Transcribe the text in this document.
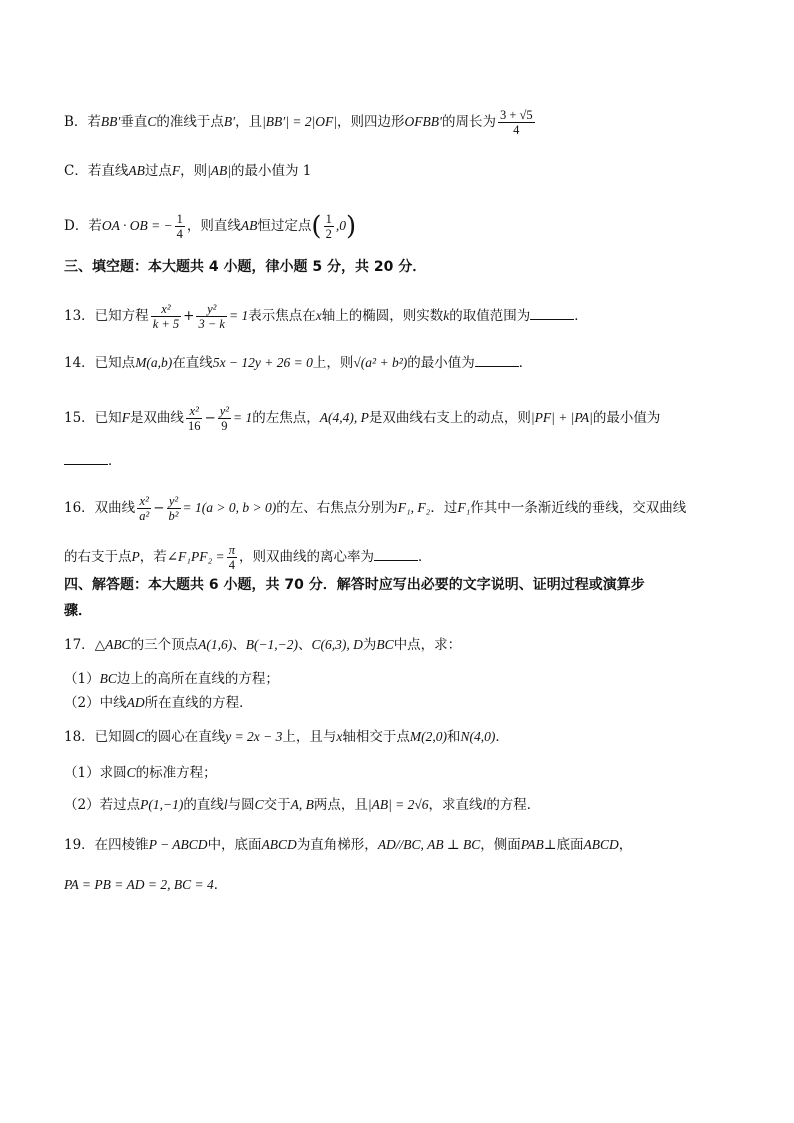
B．若BB′垂直C的准线于点B′，且|BB′| = 2|OF|，则四边形OFBB′的周长为 $\frac{3 + √5}{4}$
C．若直线AB过点F，则|AB|的最小值为 1
D．若OA · OB = − $\frac{1}{4}$ ，则直线AB恒过定点( $\frac{1}{2} ,0$)
三、填空题：本大题共 4 小题，律小题 5 分，共 20 分．
13．已知方程 $\frac{\text{x²}}{k + 5} + \frac{\text{y²}}{3 - k} = 1$表示焦点在x轴上的椭圆，则实数k的取值范围为	．
14．已知点M(a,b)在直线5x − 12y + 26 = 0上，则√(a² + b²)的最小值为	．
15．已知F是双曲线 $\frac{\text{x²}}{16} - \frac{\text{y²}}{9} = 1$的左焦点，A(4,4), P是双曲线右支上的动点，则|PF| + |PA|的最小值为
．
16．双曲线 $\frac{\text{x²}}{\text{a²}} - \frac{\text{y²}}{\text{b²}} = 1(a > 0$, b > 0)的左、右焦点分别为F₁, F₂．过F₁作其中一条渐近线的垂线，交双曲线
的右支于点P，若∠F₁PF₂ = $\frac{\pi}{4}$ ，则双曲线的离心率为	．
四、解答题：本大题共 6 小题，共 70 分．解答时应写出必要的文字说明、证明过程或演算步
骤．
17．△ABC的三个顶点A(1,6)、B(−1,−2)、C(6,3), D为BC中点，求：
（1）BC边上的高所在直线的方程；
（2）中线AD所在直线的方程．
18．已知圆C的圆心在直线y = 2x − 3上，且与x轴相交于点M(2,0)和N(4,0)．
（1）求圆C的标准方程；
（2）若过点P(1,−1)的直线l与圆C交于A, B两点，且|AB| = 2√6，求直线l的方程．
19．在四棱锥P − ABCD中，底面ABCD为直角梯形，AD//BC, AB ⊥ BC，侧面PAB⊥底面ABCD，
PA = PB = AD = 2, BC = 4．
